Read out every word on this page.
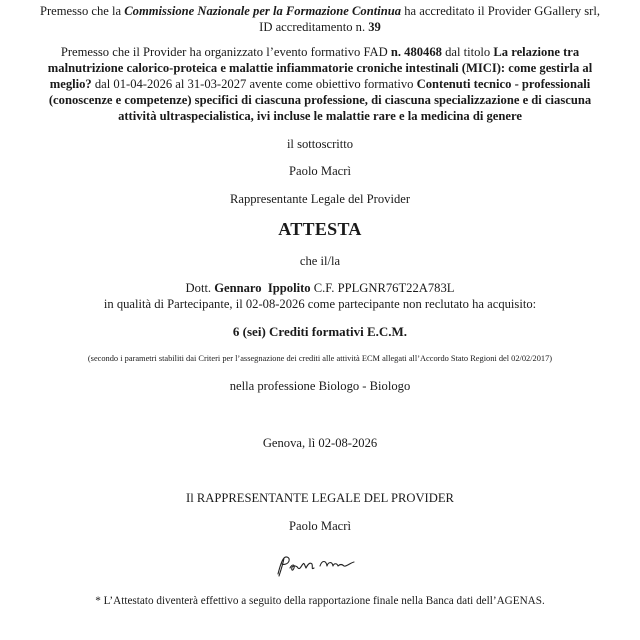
Premesso che la Commissione Nazionale per la Formazione Continua ha accreditato il Provider GGallery srl,
ID accreditamento n. 39
Premesso che il Provider ha organizzato l’evento formativo FAD n. 480468 dal titolo La relazione tra
malnutrizione calorico-proteica e malattie infiammatorie croniche intestinali (MICI): come gestirla al
meglio? dal 01-04-2026 al 31-03-2027 avente come obiettivo formativo Contenuti tecnico - professionali
(conoscenze e competenze) specifici di ciascuna professione, di ciascuna specializzazione e di ciascuna
attività ultraspecialistica, ivi incluse le malattie rare e la medicina di genere
il sottoscritto
Paolo Macrì
Rappresentante Legale del Provider
ATTESTA
che il/la
Dott. Gennaro Ippolito C.F. PPLGNR76T22A783L
in qualità di Partecipante, il 02-08-2026 come partecipante non reclutato ha acquisito:
6 (sei) Crediti formativi E.C.M.
(secondo i parametri stabiliti dai Criteri per l’assegnazione dei crediti alle attività ECM allegati all’Accordo Stato Regioni del 02/02/2017)
nella professione Biologo - Biologo
Genova, lì 02-08-2026
Il RAPPRESENTANTE LEGALE DEL PROVIDER
Paolo Macrì
* L’Attestato diventerà effettivo a seguito della rapportazione finale nella Banca dati dell’AGENAS.
